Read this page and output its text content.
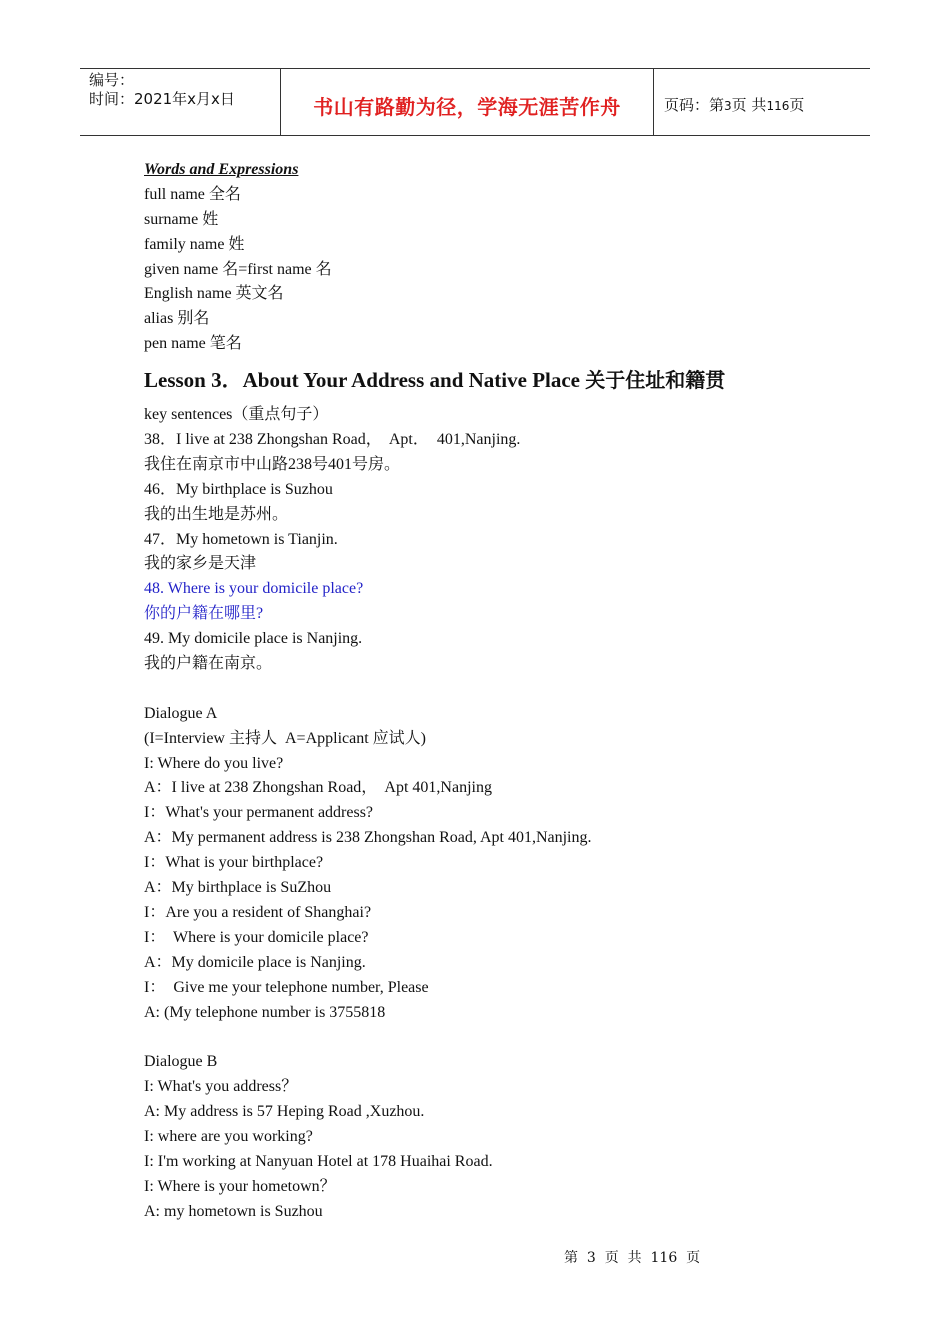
编号：
时间：2021年x月x日	书山有路勤为径，学海无涯苦作舟	页码：第3页 共116页
Words and Expressions
full name 全名
surname 姓
family name 姓
given name 名=first name 名
English name 英文名
alias 别名
pen name 笔名
Lesson 3．About Your Address and Native Place 关于住址和籍贯
key sentences（重点句子）
38．I live at 238 Zhongshan Road，  Apt．  401,Nanjing.
我住在南京市中山路238号401号房。
46．My birthplace is Suzhou
我的出生地是苏州。
47．My hometown is Tianjin.
我的家乡是天津
48. Where is your domicile place?
你的户籍在哪里?
49. My domicile place is Nanjing.
我的户籍在南京。
Dialogue A
(I=Interview 主持人  A=Applicant 应试人)
I: Where do you live?
A：I live at 238 Zhongshan Road，  Apt 401,Nanjing
I：What's your permanent address?
A：My permanent address is 238 Zhongshan Road, Apt 401,Nanjing.
I：What is your birthplace?
A：My birthplace is SuZhou
I：Are you a resident of Shanghai?
I：  Where is your domicile place?
A：My domicile place is Nanjing.
I：  Give me your telephone number, Please
A: (My telephone number is 3755818
Dialogue B
I: What's you address？
A: My address is 57 Heping Road ,Xuzhou.
I: where are you working?
I: I'm working at Nanyuan Hotel at 178 Huaihai Road.
I: Where is your hometown？
A: my hometown is Suzhou
第  3  页  共  116  页
